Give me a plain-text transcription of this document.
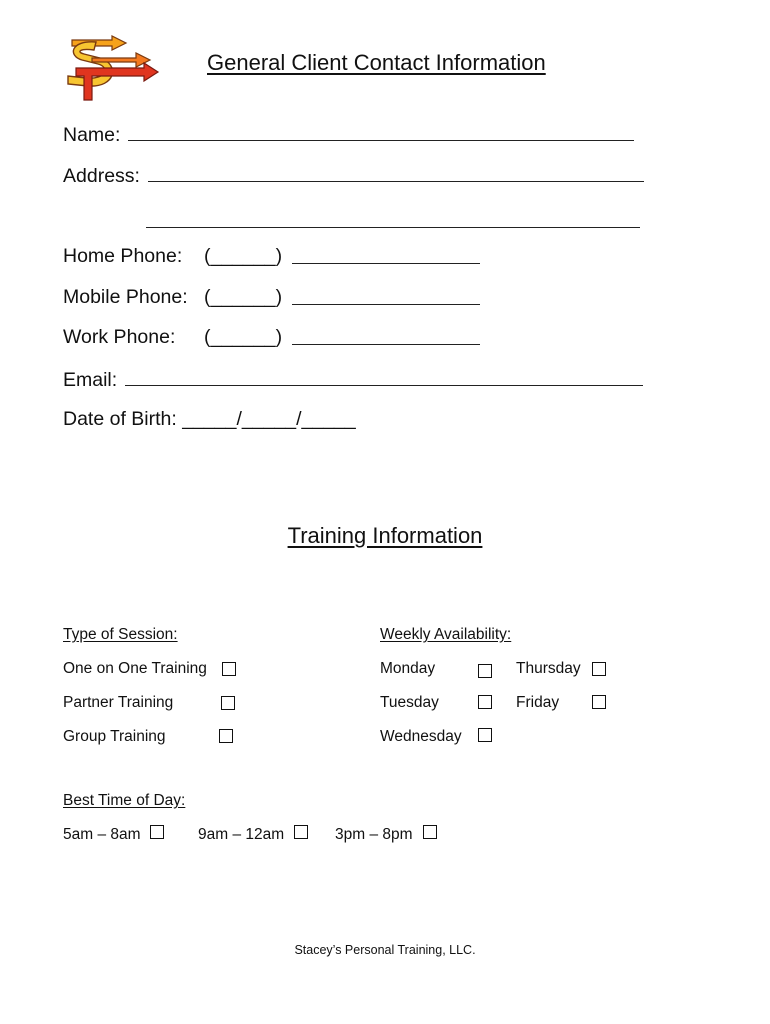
General Client Contact Information
Name:
Address:
Home Phone: (______)
Mobile Phone: (______)
Work Phone: (______)
Email:
Date of Birth: _____/_____/_____
Training Information
Type of Session:
One on One Training
Partner Training
Group Training
Weekly Availability:
Monday
Tuesday
Wednesday
Thursday
Friday
Best Time of Day:
5am – 8am	9am – 12am	3pm – 8pm
Stacey’s Personal Training, LLC.
